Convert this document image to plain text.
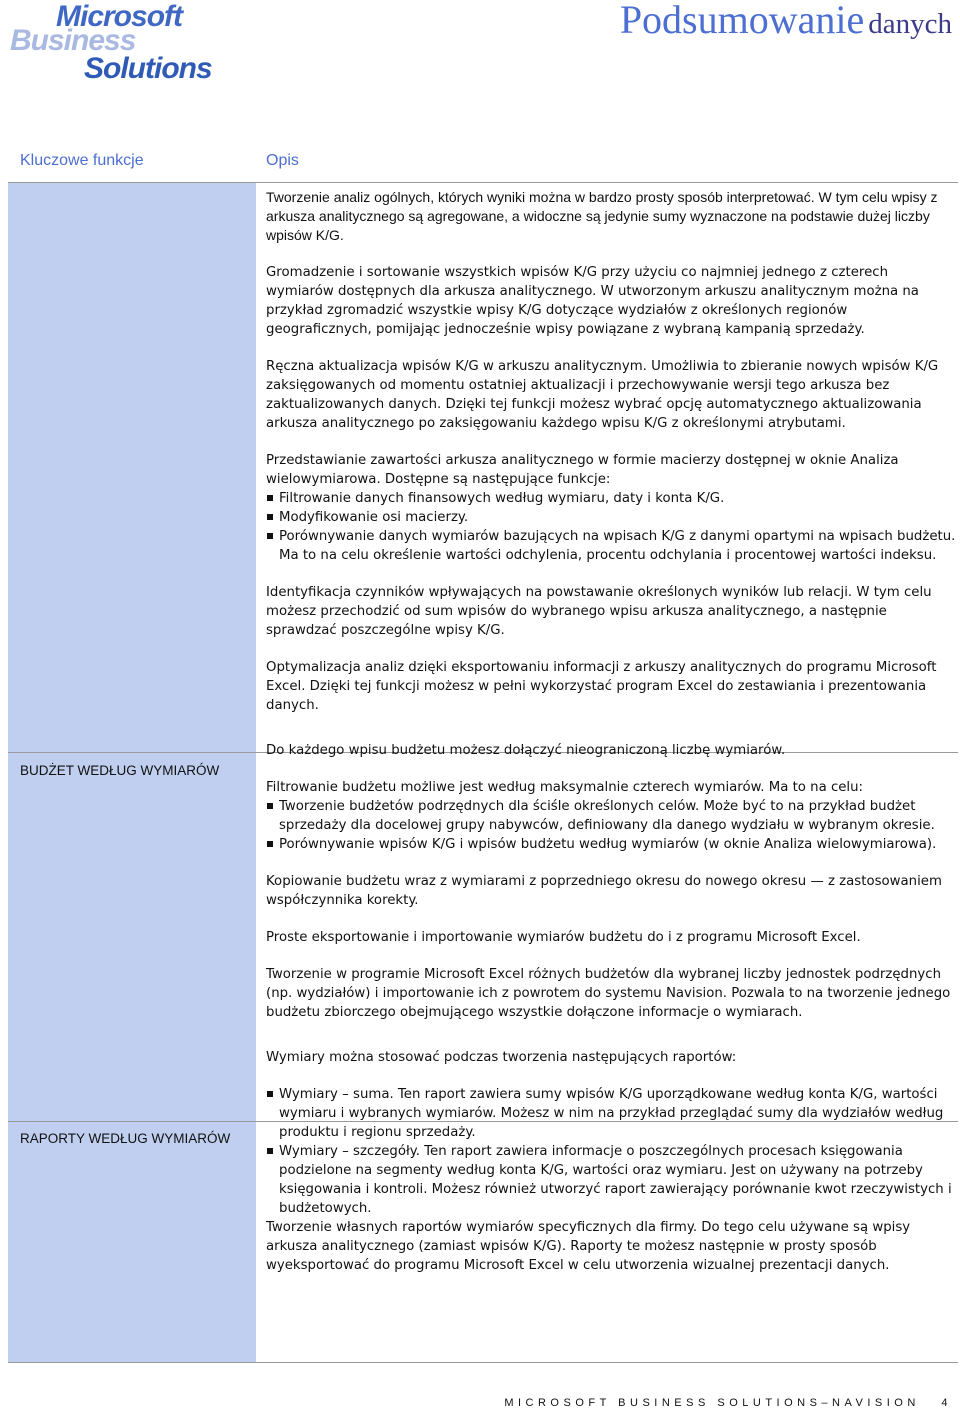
Microsoft
Business
Solutions
Podsumowanie danych
Kluczowe funkcje	Opis
BUDŻET WEDŁUG WYMIARÓW
RAPORTY WEDŁUG WYMIARÓW

Tworzenie analiz ogólnych, których wyniki można w bardzo prosty sposób interpretować. W tym celu wpisy z arkusza analitycznego są agregowane, a widoczne są jedynie sumy wyznaczone na podstawie dużej liczby wpisów K/G.

Gromadzenie i sortowanie wszystkich wpisów K/G przy użyciu co najmniej jednego z czterech wymiarów dostępnych dla arkusza analitycznego. W utworzonym arkuszu analitycznym można na przykład zgromadzić wszystkie wpisy K/G dotyczące wydziałów z określonych regionów geograficznych, pomijając jednocześnie wpisy powiązane z wybraną kampanią sprzedaży.

Ręczna aktualizacja wpisów K/G w arkuszu analitycznym. Umożliwia to zbieranie nowych wpisów K/G zaksięgowanych od momentu ostatniej aktualizacji i przechowywanie wersji tego arkusza bez zaktualizowanych danych. Dzięki tej funkcji możesz wybrać opcję automatycznego aktualizowania arkusza analitycznego po zaksięgowaniu każdego wpisu K/G z określonymi atrybutami.

Przedstawianie zawartości arkusza analitycznego w formie macierzy dostępnej w oknie Analiza wielowymiarowa. Dostępne są następujące funkcje:
Filtrowanie danych finansowych według wymiaru, daty i konta K/G.
Modyfikowanie osi macierzy.
Porównywanie danych wymiarów bazujących na wpisach K/G z danymi opartymi na wpisach budżetu. Ma to na celu określenie wartości odchylenia, procentu odchylania i procentowej wartości indeksu.

Identyfikacja czynników wpływających na powstawanie określonych wyników lub relacji. W tym celu możesz przechodzić od sum wpisów do wybranego wpisu arkusza analitycznego, a następnie sprawdzać poszczególne wpisy K/G.

Optymalizacja analiz dzięki eksportowaniu informacji z arkuszy analitycznych do programu Microsoft Excel. Dzięki tej funkcji możesz w pełni wykorzystać program Excel do zestawiania i prezentowania danych.

Do każdego wpisu budżetu możesz dołączyć nieograniczoną liczbę wymiarów.

Filtrowanie budżetu możliwe jest według maksymalnie czterech wymiarów. Ma to na celu:
Tworzenie budżetów podrzędnych dla ściśle określonych celów. Może być to na przykład budżet sprzedaży dla docelowej grupy nabywców, definiowany dla danego wydziału w wybranym okresie.
Porównywanie wpisów K/G i wpisów budżetu według wymiarów (w oknie Analiza wielowymiarowa).

Kopiowanie budżetu wraz z wymiarami z poprzedniego okresu do nowego okresu — z zastosowaniem współczynnika korekty.

Proste eksportowanie i importowanie wymiarów budżetu do i z programu Microsoft Excel.

Tworzenie w programie Microsoft Excel różnych budżetów dla wybranej liczby jednostek podrzędnych (np. wydziałów) i importowanie ich z powrotem do systemu Navision. Pozwala to na tworzenie jednego budżetu zbiorczego obejmującego wszystkie dołączone informacje o wymiarach.

Wymiary można stosować podczas tworzenia następujących raportów:

Wymiary – suma. Ten raport zawiera sumy wpisów K/G uporządkowane według konta K/G, wartości wymiaru i wybranych wymiarów. Możesz w nim na przykład przeglądać sumy dla wydziałów według produktu i regionu sprzedaży.
Wymiary – szczegóły. Ten raport zawiera informacje o poszczególnych procesach księgowania podzielone na segmenty według konta K/G, wartości oraz wymiaru. Jest on używany na potrzeby księgowania i kontroli. Możesz również utworzyć raport zawierający porównanie kwot rzeczywistych i budżetowych.

Tworzenie własnych raportów wymiarów specyficznych dla firmy. Do tego celu używane są wpisy arkusza analitycznego (zamiast wpisów K/G). Raporty te możesz następnie w prosty sposób wyeksportować do programu Microsoft Excel w celu utworzenia wizualnej prezentacji danych.

MICROSOFT BUSINESS SOLUTIONS–NAVISION 4
